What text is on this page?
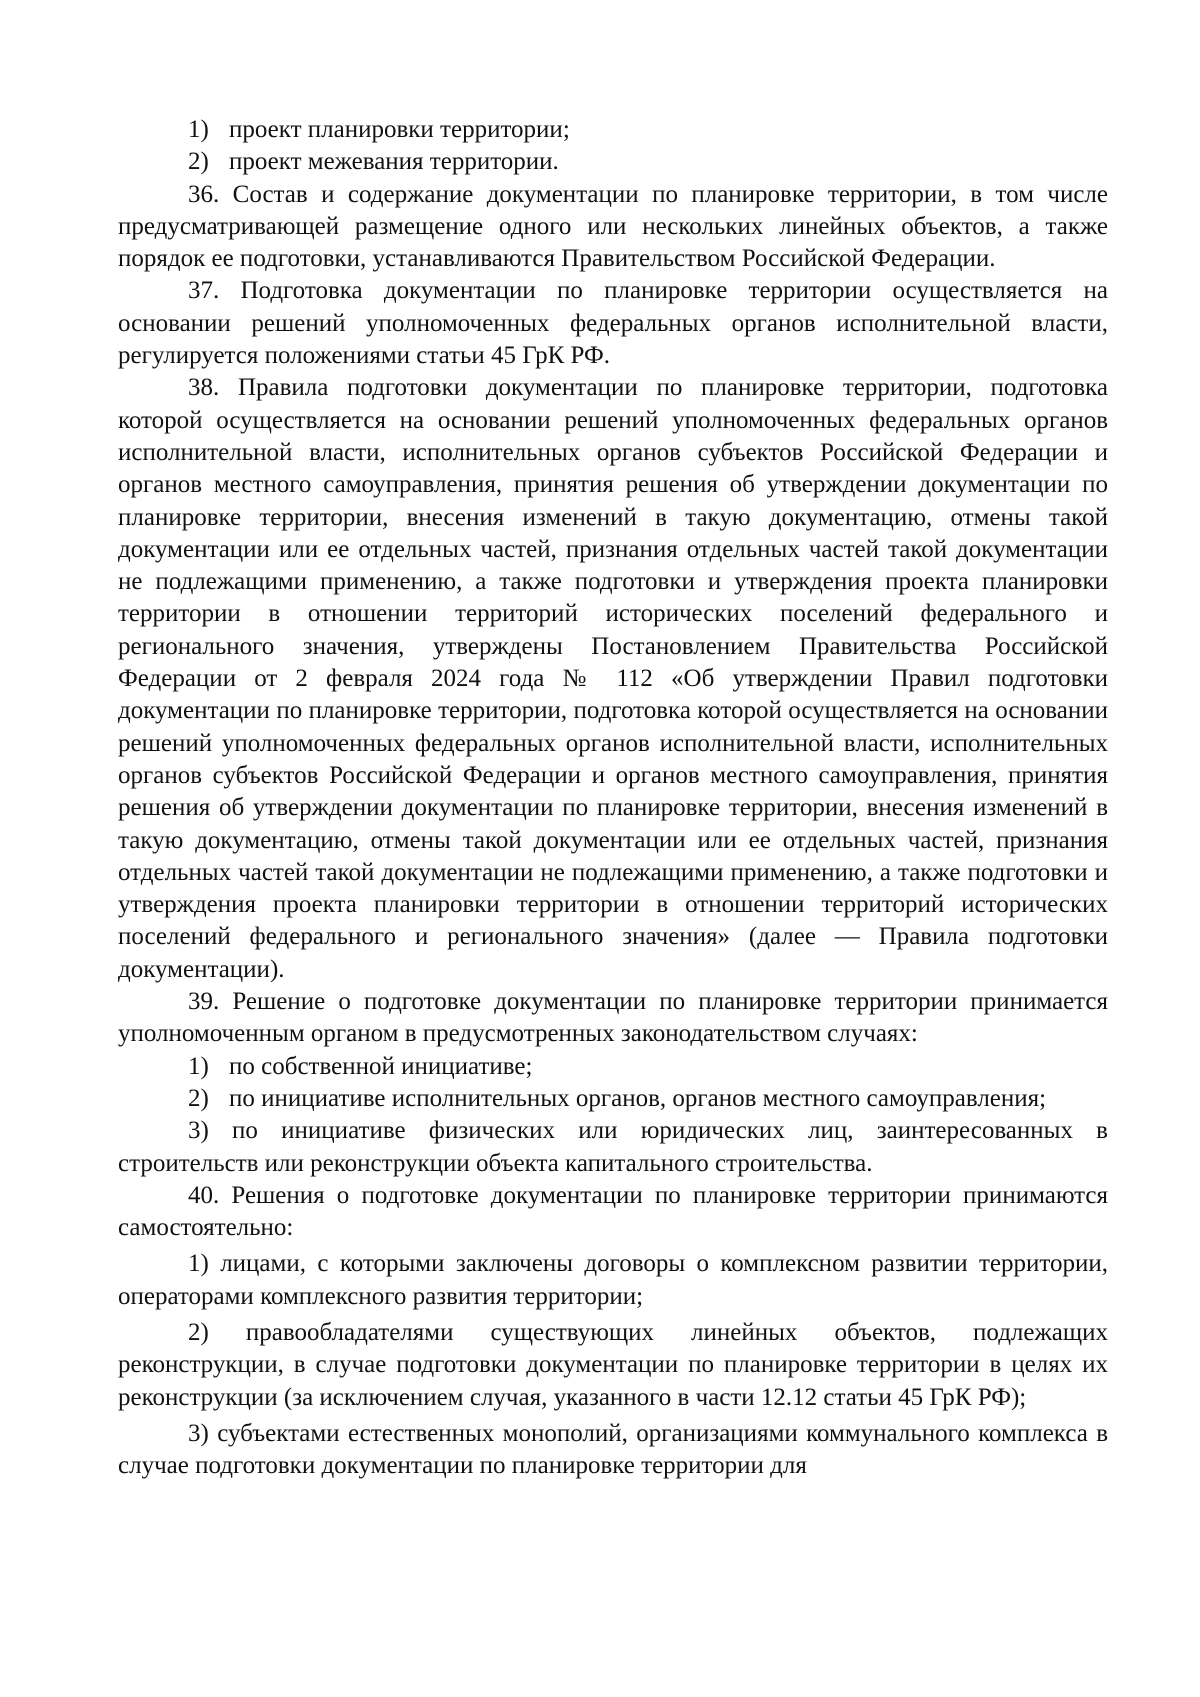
1) проект планировки территории;
2) проект межевания территории.

36. Состав и содержание документации по планировке территории, в том числе предусматривающей размещение одного или нескольких линейных объектов, а также порядок ее подготовки, устанавливаются Правительством Российской Федерации.

37. Подготовка документации по планировке территории осуществляется на основании решений уполномоченных федеральных органов исполнительной власти, регулируется положениями статьи 45 ГрК РФ.

38. Правила подготовки документации по планировке территории, подготовка которой осуществляется на основании решений уполномоченных федеральных органов исполнительной власти, исполнительных органов субъектов Российской Федерации и органов местного самоуправления, принятия решения об утверждении документации по планировке территории, внесения изменений в такую документацию, отмены такой документации или ее отдельных частей, признания отдельных частей такой документации не подлежащими применению, а также подготовки и утверждения проекта планировки территории в отношении территорий исторических поселений федерального и регионального значения, утверждены Постановлением Правительства Российской Федерации от 2 февраля 2024 года № 112 «Об утверждении Правил подготовки документации по планировке территории, подготовка которой осуществляется на основании решений уполномоченных федеральных органов исполнительной власти, исполнительных органов субъектов Российской Федерации и органов местного самоуправления, принятия решения об утверждении документации по планировке территории, внесения изменений в такую документацию, отмены такой документации или ее отдельных частей, признания отдельных частей такой документации не подлежащими применению, а также подготовки и утверждения проекта планировки территории в отношении территорий исторических поселений федерального и регионального значения» (далее — Правила подготовки документации).

39. Решение о подготовке документации по планировке территории принимается уполномоченным органом в предусмотренных законодательством случаях:

1) по собственной инициативе;
2) по инициативе исполнительных органов, органов местного самоуправления;

3) по инициативе физических или юридических лиц, заинтересованных в строительств или реконструкции объекта капитального строительства.

40. Решения о подготовке документации по планировке территории принимаются самостоятельно:

1) лицами, с которыми заключены договоры о комплексном развитии территории, операторами комплексного развития территории;

2) правообладателями существующих линейных объектов, подлежащих реконструкции, в случае подготовки документации по планировке территории в целях их реконструкции (за исключением случая, указанного в части 12.12 статьи 45 ГрК РФ);

3) субъектами естественных монополий, организациями коммунального комплекса в случае подготовки документации по планировке территории для
